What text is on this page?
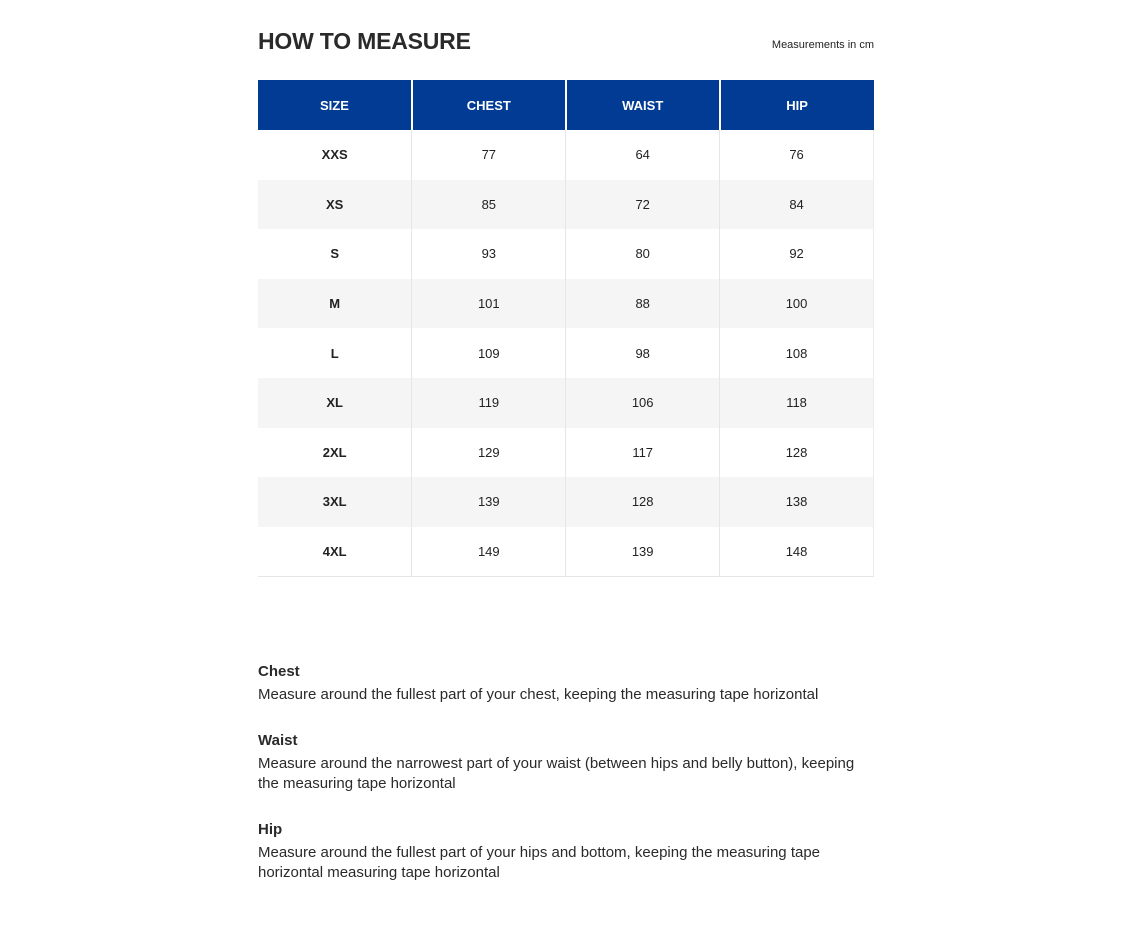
HOW TO MEASURE	Measurements in cm
SIZE	CHEST	WAIST	HIP
XXS	77	64	76
XS	85	72	84
S	93	80	92
M	101	88	100
L	109	98	108
XL	119	106	118
2XL	129	117	128
3XL	139	128	138
4XL	149	139	148
Chest
Measure around the fullest part of your chest, keeping the measuring tape horizontal
Waist
Measure around the narrowest part of your waist (between hips and belly button), keeping the measuring tape horizontal
Hip
Measure around the fullest part of your hips and bottom, keeping the measuring tape horizontal measuring tape horizontal
